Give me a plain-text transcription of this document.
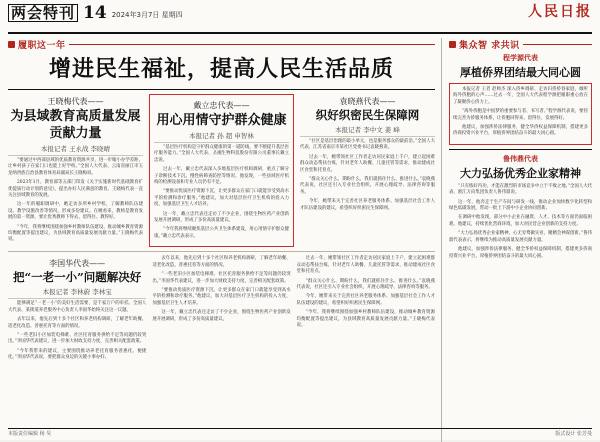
两会特刊 14 2024年3月7日 星期四	人民日报
履职这一年
增进民生福祉，提高人民生活品质
王晓梅代表——
为县域教育高质量发展贡献力量
本报记者 王永战 李晓晴

“要通过中西部县域的优质教育资源共享，进一步缩小办学差距，让乡村孩子在家门口也能上好学校。”全国人大代表、云南省丽江市玉龙纳西族自治县教育体育局副局长王晓梅说。

2023年1月，教育部等五部门印发《关于实施新时代基础教育扩优提质行动计划的意见》，提出办好人民满意的教育。王晓梅代表一直关注县域教育的发展。

这一年的履职调研中，她走访多所乡村学校，了解教师队伍建设、教学设施改善等情况，形成多份建议。在她看来，教师是教育发展的第一资源，要让优秀教师下得去、留得住、教得好。

“今年，我将继续围绕加强乡村教师队伍建设、推动城乡教育资源均衡配置等提出建议，为县域教育高质量发展贡献力量。”王晓梅代表说。

戴立忠代表——
用心用情守护群众健康
本报记者 孙 超 申智林

“基层医疗机构是守护群众健康的第一道防线，要不断提升基层医疗服务能力。”全国人大代表、圣湘生物科技股份有限公司董事长戴立忠说。

过去一年，戴立忠代表深入多地基层医疗机构调研，重点了解分子诊断技术下沉、慢性病筛查防控等情况。他发现，一些县域医疗机构的检测设备和专业人员仍有不足。

“要推动优质医疗资源下沉，让更多群众在家门口就能享受到高水平的检测和诊疗服务。”他建议，加大对基层医疗卫生机构的投入力度，加强基层卫生人才培养。

这一年，戴立忠代表还走访了不少企业，围绕生物医药产业创新发展开展调研，形成了多份高质量建议。

“今年我将继续聚焦基层公共卫生体系建设，用心用情守护群众健康。”戴立忠代表表示。

袁晓燕代表——
织好织密民生保障网
本报记者 李中文 姜 峰

“社区是基层治理的最小单元，也是服务群众的最前沿。”全国人大代表、江苏省南京市某社区党委书记袁晓燕说。

过去一年，她带领社区工作者走访居民家庭上千户，建立起困难群众动态帮扶台账，针对老年人助餐、儿童托管等需求，推动建成社区食堂和托育点。

“群众关心什么、期盼什么，我们就抓住什么、推进什么。”袁晓燕代表说，社区还引入专业社会组织，开展心理疏导、法律咨询等服务。

今年，她带来关于完善社区养老服务体系、加强基层社会工作人才队伍建设的建议，希望织好织密民生保障网。

李国华代表——
把“一老一小”问题解决好
本报记者 李林蔚 李林宝

能够满足“一老一小”的美好生活需要，是千家万户的牵挂。全国人大代表、某街道养老服务中心负责人李国华始终关注这一议题。

去年以来，他先后到十多个社区和养老机构调研，了解老年助餐、适老化改造、普惠托育等方面的情况。

“一些老旧小区加装电梯难、社区托育服务供给不足等问题仍较突出。”李国华代表建议，进一步加大财政支持力度，完善相关配套政策。

“今年我带来的建议，主要围绕推动养老托育服务普惠化、便捷化。”李国华代表说，要把群众身边的关键小事办好。

去年以来，他先后到十多个社区和养老机构调研，了解老年助餐、适老化改造、普惠托育等方面的情况。

“一些老旧小区加装电梯难、社区托育服务供给不足等问题仍较突出。”李国华代表建议，进一步加大财政支持力度，完善相关配套政策。

“要推动优质医疗资源下沉，让更多群众在家门口就能享受到高水平的检测和诊疗服务。”他建议，加大对基层医疗卫生机构的投入力度，加强基层卫生人才培养。

这一年，戴立忠代表还走访了不少企业，围绕生物医药产业创新发展开展调研，形成了多份高质量建议。

过去一年，她带领社区工作者走访居民家庭上千户，建立起困难群众动态帮扶台账，针对老年人助餐、儿童托管等需求，推动建成社区食堂和托育点。

“群众关心什么、期盼什么，我们就抓住什么、推进什么。”袁晓燕代表说，社区还引入专业社会组织，开展心理疏导、法律咨询等服务。

今年，她带来关于完善社区养老服务体系、加强基层社会工作人才队伍建设的建议，希望织好织密民生保障网。

“今年，我将继续围绕加强乡村教师队伍建设、推动城乡教育资源均衡配置等提出建议，为县域教育高质量发展贡献力量。”王晓梅代表说。

集众智 求共识
程学源代表
厚植侨界团结最大同心圆

本报记者 王者 赵帅杰 深入侨乡调研、走访归侨侨眷家庭，倾听海外侨胞的心声……过去一年，全国人大代表程学源把履职重心放在了凝聚侨心侨力上。

“海外侨胞是中国梦的重要参与者、书写者。”程学源代表说，要持续完善为侨服务体系，让侨胞回得来、留得住、发展得好。

他建议，加强涉侨法律服务，健全华侨权益保障机制，搭建更多侨商投资兴业平台，厚植侨界团结奋斗的最大同心圆。

鲁伟鼎代表
大力弘扬优秀企业家精神

“只有练好内功，才能在激烈的市场竞争中立于不败之地。”全国人大代表、浙江万向集团负责人鲁伟鼎说。

这一年，他奔走于生产车间与研发一线，推动企业加快数字化转型和绿色低碳发展，带动一批上下游中小企业协同创新。

在调研中他发现，部分中小企业在融资、人才、技术等方面仍面临困难。他建议，持续优化营商环境，加大对民营企业创新的支持力度。

“大力弘扬优秀企业家精神，心无旁骛做实业、聚精会神谋创新。”鲁伟鼎代表表示，将继续为推动高质量发展贡献力量。

他建议，加强涉侨法律服务，健全华侨权益保障机制，搭建更多侨商投资兴业平台，厚植侨界团结奋斗的最大同心圆。

本版责任编辑 杨 昊	版式设计 张芳曼
